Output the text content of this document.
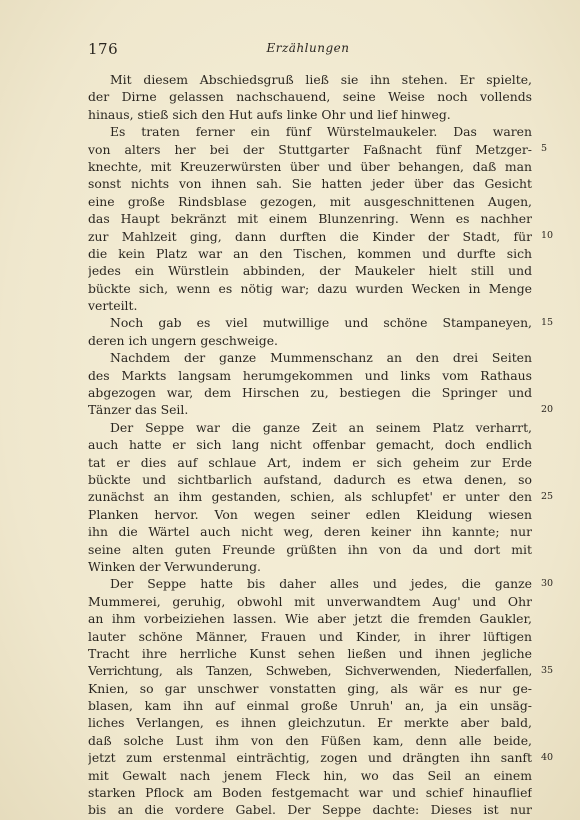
176	Erzählungen
Mit diesem Abschiedsgruß ließ sie ihn stehen. Er spielte,
der Dirne gelassen nachschauend, seine Weise noch vollends
hinaus, stieß sich den Hut aufs linke Ohr und lief hinweg.
Es traten ferner ein fünf Würstelmaukeler. Das waren
von alters her bei der Stuttgarter Faßnacht fünf Metzger-
knechte, mit Kreuzerwürsten über und über behangen, daß man
sonst nichts von ihnen sah. Sie hatten jeder über das Gesicht
eine große Rindsblase gezogen, mit ausgeschnittenen Augen,
das Haupt bekränzt mit einem Blunzenring. Wenn es nachher
zur Mahlzeit ging, dann durften die Kinder der Stadt, für
die kein Platz war an den Tischen, kommen und durfte sich
jedes ein Würstlein abbinden, der Maukeler hielt still und
bückte sich, wenn es nötig war; dazu wurden Wecken in Menge
verteilt.
Noch gab es viel mutwillige und schöne Stampaneyen,
deren ich ungern geschweige.
Nachdem der ganze Mummenschanz an den drei Seiten
des Markts langsam herumgekommen und links vom Rathaus
abgezogen war, dem Hirschen zu, bestiegen die Springer und
Tänzer das Seil.
Der Seppe war die ganze Zeit an seinem Platz verharrt,
auch hatte er sich lang nicht offenbar gemacht, doch endlich
tat er dies auf schlaue Art, indem er sich geheim zur Erde
bückte und sichtbarlich aufstand, dadurch es etwa denen, so
zunächst an ihm gestanden, schien, als schlupfet' er unter den
Planken hervor. Von wegen seiner edlen Kleidung wiesen
ihn die Wärtel auch nicht weg, deren keiner ihn kannte; nur
seine alten guten Freunde grüßten ihn von da und dort mit
Winken der Verwunderung.
Der Seppe hatte bis daher alles und jedes, die ganze
Mummerei, geruhig, obwohl mit unverwandtem Aug' und Ohr
an ihm vorbeiziehen lassen. Wie aber jetzt die fremden Gaukler,
lauter schöne Männer, Frauen und Kinder, in ihrer lüftigen
Tracht ihre herrliche Kunst sehen ließen und ihnen jegliche
Verrichtung, als Tanzen, Schweben, Sichverwenden, Niederfallen,
Knien, so gar unschwer vonstatten ging, als wär es nur ge-
blasen, kam ihn auf einmal große Unruh' an, ja ein unsäg-
liches Verlangen, es ihnen gleichzutun. Er merkte aber bald,
daß solche Lust ihm von den Füßen kam, denn alle beide,
jetzt zum erstenmal einträchtig, zogen und drängten ihn sanft
mit Gewalt nach jenem Fleck hin, wo das Seil an einem
starken Pflock am Boden festgemacht war und schief hinauflief
bis an die vordere Gabel. Der Seppe dachte: Dieses ist nur
5
10
15
20
25
30
35
40
